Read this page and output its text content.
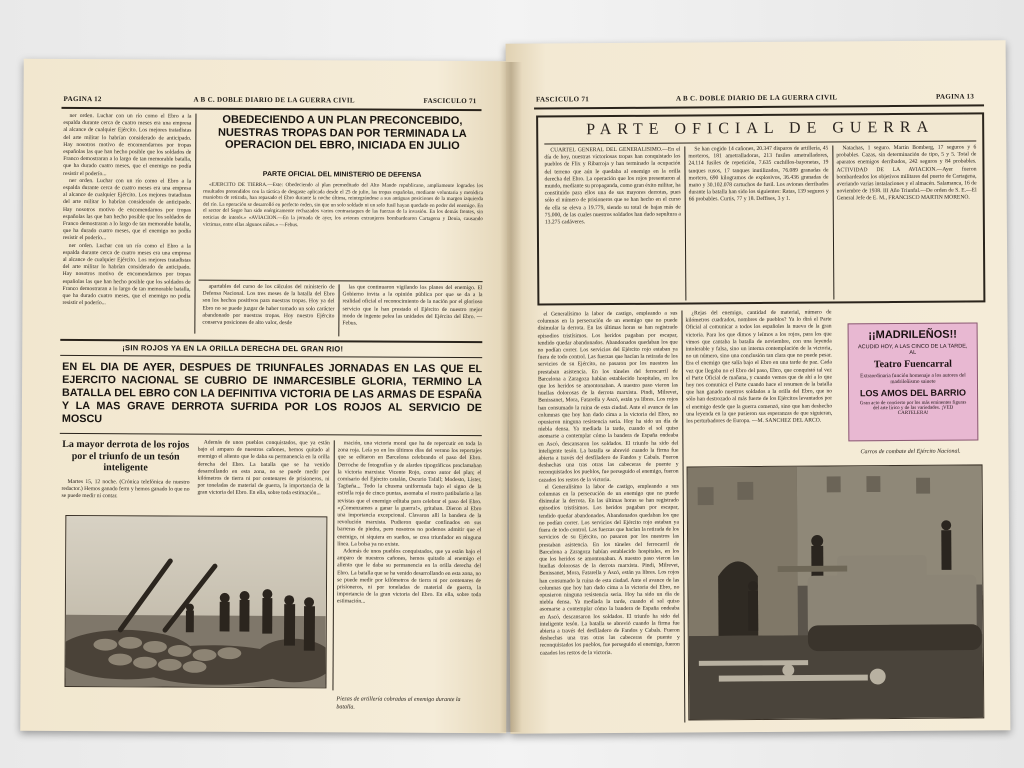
PAGINA 12	A B C. DOBLE DIARIO DE LA GUERRA CIVIL	FASCICULO 71

ner orden. Luchar con un río como el Ebro a la espalda durante cerca de cuatro meses era una empresa al alcance de cualquier Ejército. Los mejores tratadistas del arte militar lo habrían considerado de anticipado. Hay nosotros motivo de encomendarnos por tropas españolas las que han hecho posible que los soldados de Franco demostraran a lo largo de tan memorable batalla, que ha durado cuatro meses, que el enemigo no podía resistir el poderío...

ner orden. Luchar con un río como el Ebro a la espalda durante cerca de cuatro meses era una empresa al alcance de cualquier Ejército. Los mejores tratadistas del arte militar lo habrían considerado de anticipado. Hay nosotros motivo de encomendarnos por tropas españolas las que han hecho posible que los soldados de Franco demostraran a lo largo de tan memorable batalla, que ha durado cuatro meses, que el enemigo no podía resistir el poderío...

ner orden. Luchar con un río como el Ebro a la espalda durante cerca de cuatro meses era una empresa al alcance de cualquier Ejército. Los mejores tratadistas del arte militar lo habrían considerado de anticipado. Hay nosotros motivo de encomendarnos por tropas españolas las que han hecho posible que los soldados de Franco demostraran a lo largo de tan memorable batalla, que ha durado cuatro meses, que el enemigo no podía resistir el poderío...

OBEDECIENDO A UN PLAN PRECONCEBIDO, NUESTRAS TROPAS DAN POR TERMINADA LA OPERACION DEL EBRO, INICIADA EN JULIO
PARTE OFICIAL DEL MINISTERIO DE DEFENSA

«EJERCITO DE TIERRA.—Este: Obedeciendo al plan premeditado del Alto Mando republicano, ampliamente logrados los resultados pretendidos con la táctica de desgaste aplicada desde el 25 de julio, las tropas españolas, mediante voluntaria y metódica maniobra de retirada, han repasado el Ebro durante la noche última, reintegrándose a sus antiguas posiciones de la margen izquierda del río. La operación se desarrolló en perfecto orden, sin que un solo soldado ni un solo fusil hayan quedado en poder del enemigo. En el sector del Segre han sido enérgicamente rechazados varios contraataques de las fuerzas de la invasión. En los demás frentes, sin noticias de interés.» «AVIACION.—En la jornada de ayer, los aviones extranjeros bombardearon Cartagena y Denia, causando víctimas, entre ellas algunos niños.» —Febus.

apartables del curso de los cálculos del ministerio de Defensa Nacional. Los tres meses de la batalla del Ebro son los hechos positivos para nuestras tropas. Hoy ya del Ebro no se puede juzgar de haber tomado un solo carácter abandonado por nuestras tropas. Hoy nuestro Ejército conserva posiciones de alto valor, desde

las que continuaron vigilando los planes del enemigo. El Gobierno invita a la opinión pública por que se da a la realidad oficial el reconocimiento de la nación por el glorioso servicio que le han prestado el Ejército de nuestro mejor modo de ingente pelea las unidades del Ejército del Ebro. —Febus.

¡SIN ROJOS YA EN LA ORILLA DERECHA DEL GRAN RIO!
EN EL DIA DE AYER, DESPUES DE TRIUNFALES JORNADAS EN LAS QUE EL EJERCITO NACIONAL SE CUBRIO DE INMARCESIBLE GLORIA, TERMINO LA BATALLA DEL EBRO CON LA DEFINITIVA VICTORIA DE LAS ARMAS DE ESPAÑA Y LA MAS GRAVE DERROTA SUFRIDA POR LOS ROJOS AL SERVICIO DE MOSCU
La mayor derrota de los rojos por el triunfo de un tesón inteligente

Martes 15, 12 noche. (Crónica telefónica de nuestro redactor.) Hemos ganado ferm y hemos ganado lo que no se puede medir ni contar.

Además de unos pueblos conquistados, que ya están bajo el amparo de nuestros cañones, hemos quitado al enemigo el aliento que le daba su permanencia en la orilla derecha del Ebro. La batalla que se ha venido desarrollando en esta zona, no se puede medir por kilómetros de tierra ni por centenares de prisioneros, ni por toneladas de material de guerra, la importancia de la gran victoria del Ebro. En ella, sobre toda estimación...

mación, una victoria moral que ha de repercutir en toda la zona roja. Leía yo en los últimos días del verano los reportajes que se editaron en Barcelona celebrando el paso del Ebro. Derroche de fotografías y de alardes tipográficos proclamaban la victoria marxista: Vicente Rojo, como autor del plan; el comisario del Ejército catalán, Oscurio Tafall; Modesto, Líster, Tagüeña... Todo la chusma uniformada bajo el signo de la estrella roja de cinco puntas, asomaba el rostro patibulario a las revistas que el enemigo editaba para celebrar el paso del Ebro. «¡Comenzamos a ganar la guerra!», gritaban. Dieron al Ebro una importancia excepcional. Clavaron allí la bandera de la revolución marxista. Pudieron quedar confinados en sus barreras de piedra, pero nosotros no podemos admitir que el enemigo, ni siquiera en sueños, se crea triunfador en ninguna línea. La bolsa ya no existe.

Además de unos pueblos conquistados, que ya están bajo el amparo de nuestros cañones, hemos quitado al enemigo el aliento que le daba su permanencia en la orilla derecha del Ebro. La batalla que se ha venido desarrollando en esta zona, no se puede medir por kilómetros de tierra ni por centenares de prisioneros, ni por toneladas de material de guerra, la importancia de la gran victoria del Ebro. En ella, sobre toda estimación...

Piezas de artillería cobradas al enemigo durante la batalla.
FASCICULO 71	A B C. DOBLE DIARIO DE LA GUERRA CIVIL	PAGINA 13
PARTE OFICIAL DE GUERRA

CUARTEL GENERAL DEL GENERALISIMO.—En el día de hoy, nuestras victoriosas tropas han conquistado los pueblos de Flix y Ribarroja y han terminado la ocupación del terreno que aún le quedaba al enemigo en la orilla derecha del Ebro. La operación que los rojos presentaron al mundo, mediante su propaganda, como gran éxito militar, ha constituido para ellos una de sus mayores derrotas, pues sólo el número de prisioneros que se han hecho en el curso de ella se eleva a 19.779, siendo su total de bajas más de 75.000, de las cuales nuestros soldados han dado sepultura a 13.275 cadáveres.

Se han cogido 14 cañones, 20.347 disparos de artillería, 45 morteros, 181 ametralladoras, 213 fusiles ametralladores, 24.114 fusiles de repetición, 7.635 cuchillos-bayonetas, 19 tanques rusos, 17 tanques inutilizados, 76.089 granadas de mortero, 690 kilogramos de explosivos, 36.436 granadas de mano y 30.102.078 cartuchos de fusil. Los aviones derribados durante la batalla han sido los siguientes: Ratas, 139 seguros y 66 probables. Curtis, 77 y 18. Deffises, 3 y 1.

Natachas, 1 seguro. Martin Bomberg, 17 seguros y 6 probables. Cazas, sin determinación de tipo, 5 y 5. Total de aparatos enemigos derribados, 242 seguros y 84 probables. ACTIVIDAD DE LA AVIACION.—Ayer fueron bombardeados los objetivos militares del puerto de Cartagena, averiando varias instalaciones y el almacén. Salamanca, 16 de noviembre de 1938. III Año Triunfal.—De orden de S. E.—El General Jefe de E. M., FRANCISCO MARTIN MORENO.

el Generalísimo la labor de castigo, empleando a sus columnas en la persecución de un enemigo que no puede disimular la derrota. En las últimas horas se han registrado episodios tristísimos. Los heridos pagaban por escapar, tendido quedar abandonados. Abandonados quedaban los que no podían correr. Los servicios del Ejército rojo estaban ya fuera de todo control. Las fuerzas que hacían la retirada de los servicios de su Ejército, no pasaron por los nuestros las prestaban asistencia. En los túneles del ferrocarril de Barcelona a Zaragoza habían establecido hospitales, en los que los heridos se amontonaban. A nuestro paso vieron las huellas dolorosas de la derrota marxista. Pindi, Milrevet, Benissanet, Mora, Fatarella y Ascó, están ya libres. Los rojos han consumado la ruina de esta ciudad. Ante el avance de las columnas que hoy han dado cima a la victoria del Ebro, no opusieron ninguna resistencia seria. Hoy ha sido un día de niebla densa. Ya mediada la tarde, cuando el sol quiso asomarse a contemplar cómo la bandera de España ondeaba en Ascó, descansaron los soldados. El triunfo ha sido del inteligente tesón. La batalla se abrevió cuando la firma fue abierta a través del desfiladero de Fandos y Cabals. Fueron deshechas una tras otras las cabeceras de puente y reconquistados los pueblos, fue perseguido el enemigo, fueron cazados los restos de la victoria.

el Generalísimo la labor de castigo, empleando a sus columnas en la persecución de un enemigo que no puede disimular la derrota. En las últimas horas se han registrado episodios tristísimos. Los heridos pagaban por escapar, tendido quedar abandonados. Abandonados quedaban los que no podían correr. Los servicios del Ejército rojo estaban ya fuera de todo control. Las fuerzas que hacían la retirada de los servicios de su Ejército, no pasaron por los nuestros las prestaban asistencia. En los túneles del ferrocarril de Barcelona a Zaragoza habían establecido hospitales, en los que los heridos se amontonaban. A nuestro paso vieron las huellas dolorosas de la derrota marxista. Pindi, Milrevet, Benissanet, Mora, Fatarella y Ascó, están ya libres. Los rojos han consumado la ruina de esta ciudad. Ante el avance de las columnas que hoy han dado cima a la victoria del Ebro, no opusieron ninguna resistencia seria. Hoy ha sido un día de niebla densa. Ya mediada la tarde, cuando el sol quiso asomarse a contemplar cómo la bandera de España ondeaba en Ascó, descansaron los soldados. El triunfo ha sido del inteligente tesón. La batalla se abrevió cuando la firma fue abierta a través del desfiladero de Fandos y Cabals. Fueron deshechas una tras otras las cabeceras de puente y reconquistados los pueblos, fue perseguido el enemigo, fueron cazados los restos de la victoria.

¿Rejas del enemigo, cantidad de material, número de kilómetros cuadrados, nombres de pueblos? Ya lo dirá el Parte Oficial al comunicar a todos los españoles la nueva de la gran victoria. Para los que dimos y leímos a los rojos, para los que vimos que cantaba la batalla de noviembre, con una leyenda intolerable y falsa, sino un interna contemplación de la victoria, no un número, sino una conclusión tan clara que no puede pesar. Era el enemigo que salía bajo el Ebro en una tarde de paz. Cada vez que llegaba no el Ebro del paso, Ebro, que conquistó tal vez el Parte Oficial de mañana, y cuando vemos que de ahí a lo que hoy nos comunica el Parte cuando hace el resumen de la batalla que han ganado nuestros soldados a la orilla del Ebro, que no sólo han destrozado al más fuerte de los Ejércitos levantados por el enemigo desde que la guerra comenzó, sino que han deshecho una leyenda en la que pusieron sus esperanzas de que siguieran, los perturbadores de Europa. —M. SANCHEZ DEL ARCO.

¡¡MADRILEÑOS!!
ACUDID HOY, A LAS CINCO DE LA TARDE, AL
Teatro Fuencarral
Extraordinaria función homenaje a los autores del madrileñismo sainete
LOS AMOS DEL BARRIO
Gran acto de concierto por los más eminentes figuras del arte lírico y de las variedades. ¡VED CARTELERA!
Carros de combate del Ejército Nacional.
